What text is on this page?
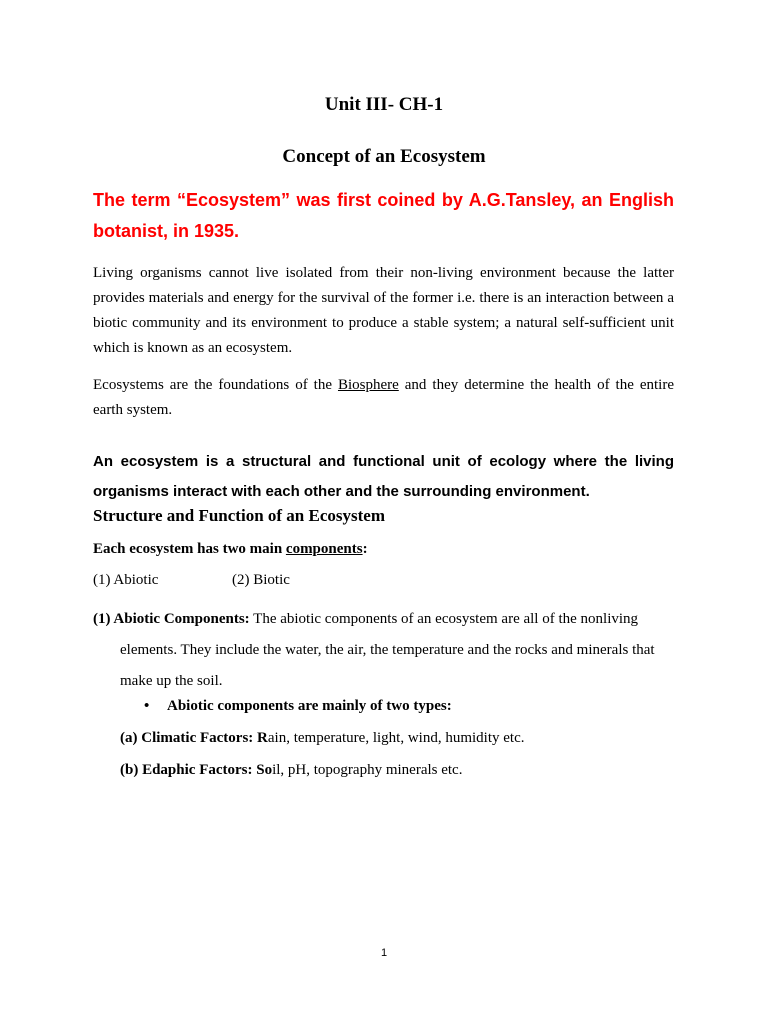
Unit III- CH-1
Concept of an Ecosystem
The term “Ecosystem” was first coined by A.G.Tansley, an English botanist, in 1935.
Living organisms cannot live isolated from their non-living environment because the latter provides materials and energy for the survival of the former i.e. there is an interaction between a biotic community and its environment to produce a stable system; a natural self-sufficient unit which is known as an ecosystem.
Ecosystems are the foundations of the Biosphere and they determine the health of the entire earth system.
An ecosystem is a structural and functional unit of ecology where the living organisms interact with each other and the surrounding environment.
Structure and Function of an Ecosystem
Each ecosystem has two main components:
(1) Abiotic	(2) Biotic
(1) Abiotic Components: The abiotic components of an ecosystem are all of the nonliving
elements. They include the water, the air, the temperature and the rocks and minerals that make up the soil.
• Abiotic components are mainly of two types:
(a) Climatic Factors: Rain, temperature, light, wind, humidity etc.
(b) Edaphic Factors: Soil, pH, topography minerals etc.
1
